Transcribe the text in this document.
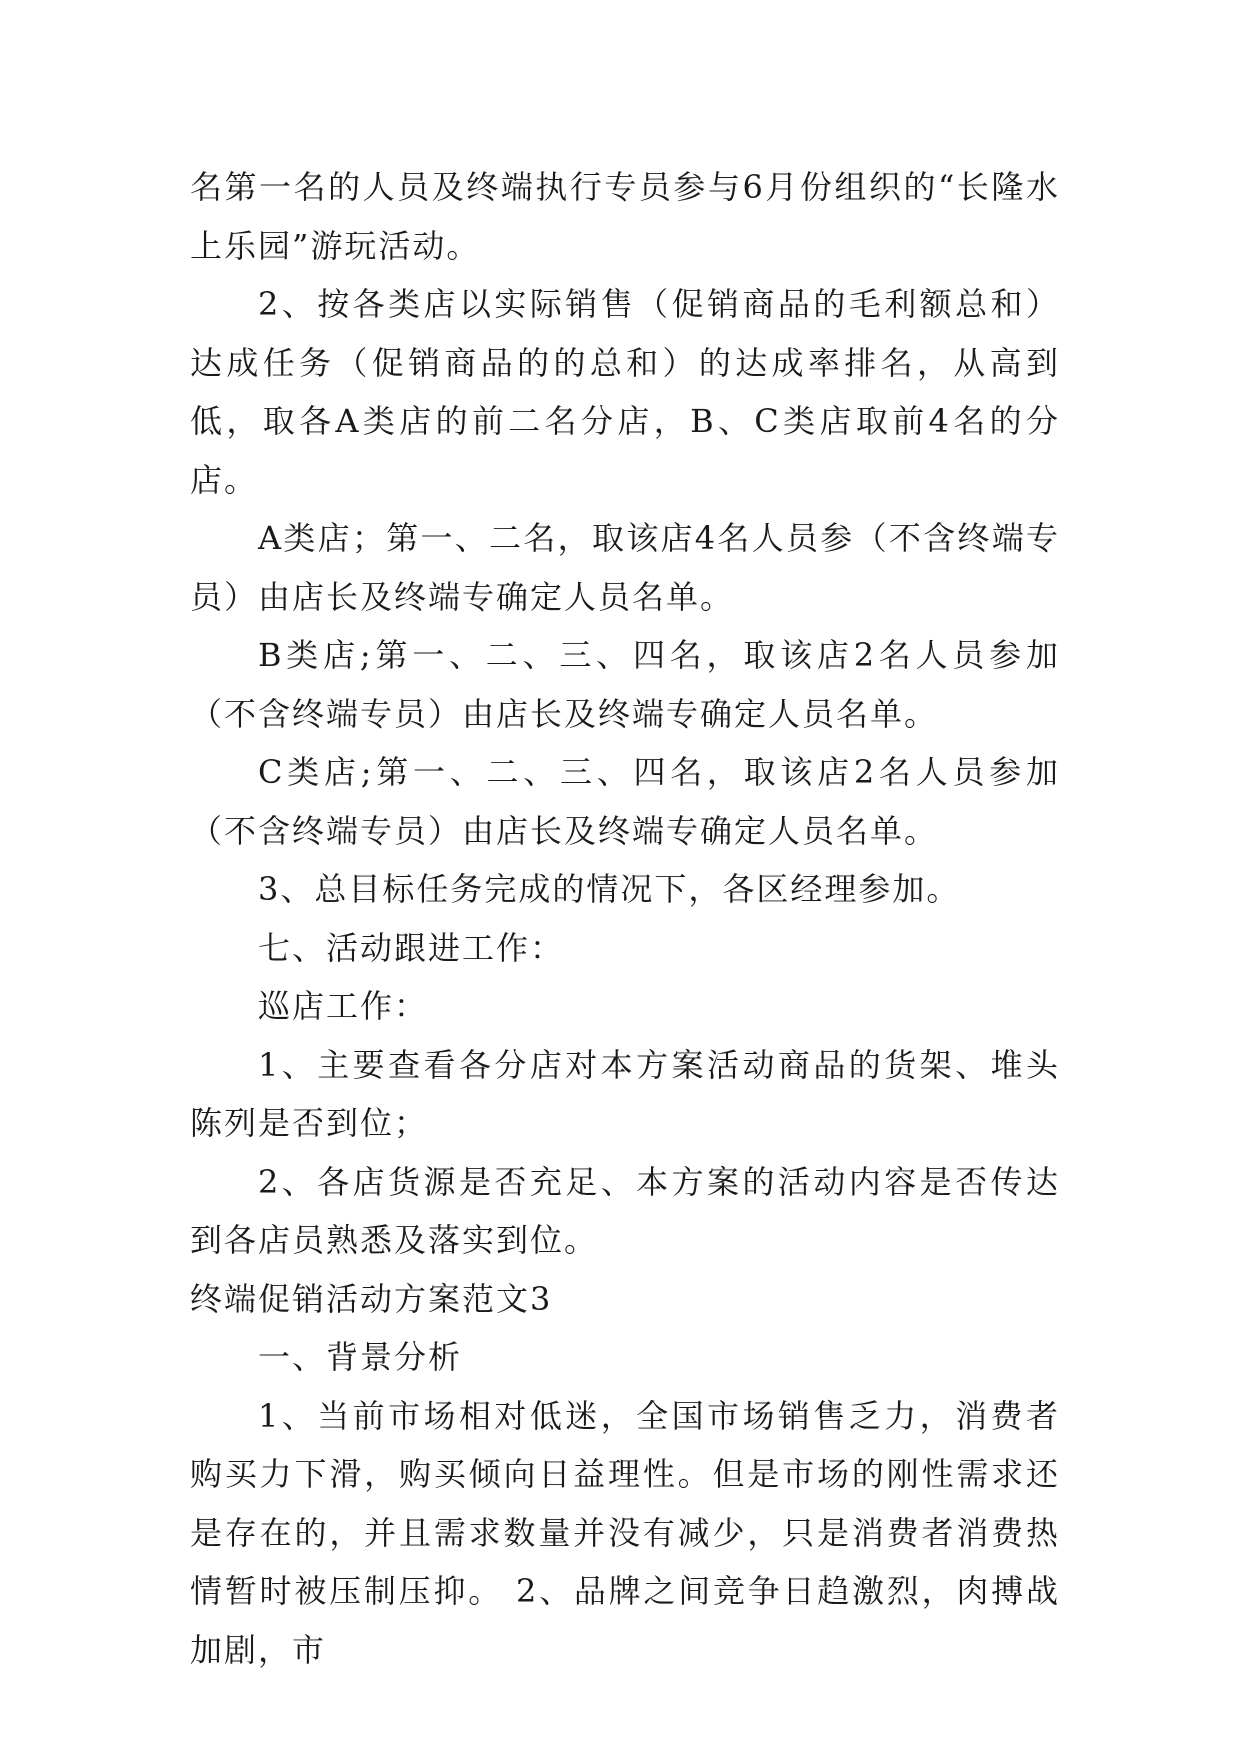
名第一名的人员及终端执行专员参与6月份组织的“长隆水上乐园”游玩活动。

2、按各类店以实际销售（促销商品的毛利额总和）达成任务（促销商品的的总和）的达成率排名，从高到低，取各A类店的前二名分店，B、C类店取前4名的分店。

A类店；第一、二名，取该店4名人员参（不含终端专员）由店长及终端专确定人员名单。

B类店;第一、二、三、四名，取该店2名人员参加（不含终端专员）由店长及终端专确定人员名单。

C类店;第一、二、三、四名，取该店2名人员参加（不含终端专员）由店长及终端专确定人员名单。

3、总目标任务完成的情况下，各区经理参加。

七、活动跟进工作：

巡店工作：

1、主要查看各分店对本方案活动商品的货架、堆头陈列是否到位；

2、各店货源是否充足、本方案的活动内容是否传达到各店员熟悉及落实到位。

终端促销活动方案范文3

一、背景分析

1、当前市场相对低迷，全国市场销售乏力，消费者购买力下滑，购买倾向日益理性。但是市场的刚性需求还是存在的，并且需求数量并没有减少，只是消费者消费热情暂时被压制压抑。 2、品牌之间竞争日趋激烈，肉搏战加剧，市
